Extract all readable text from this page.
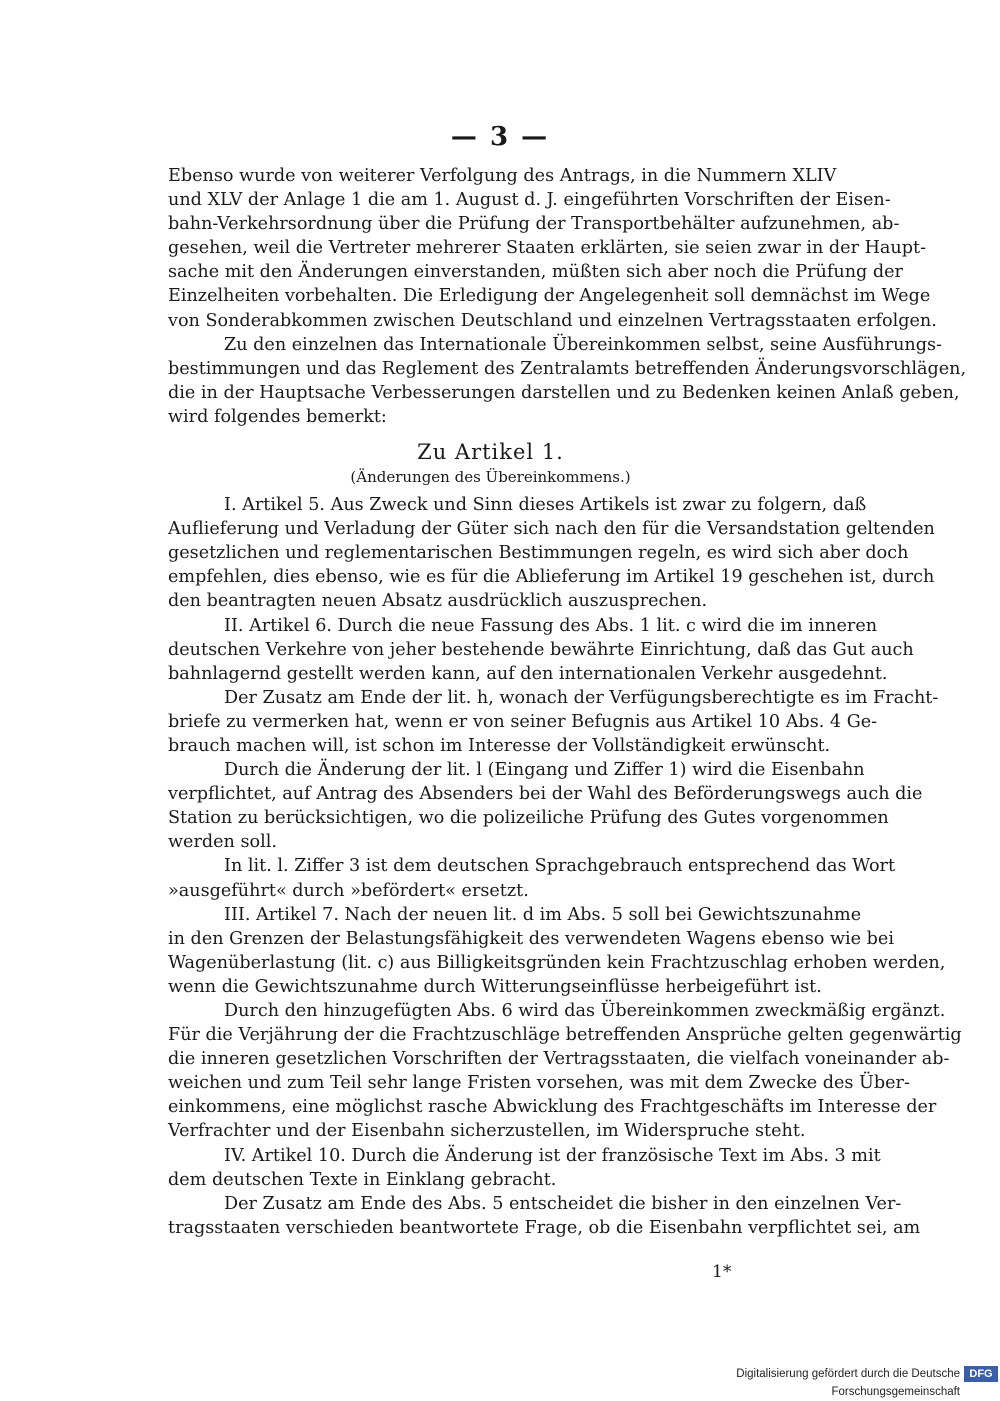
— 3 —
Ebenso wurde von weiterer Verfolgung des Antrags, in die Nummern XLIV
und XLV der Anlage 1 die am 1. August d. J. eingeführten Vorschriften der Eisen-
bahn-Verkehrsordnung über die Prüfung der Transportbehälter aufzunehmen, ab-
gesehen, weil die Vertreter mehrerer Staaten erklärten, sie seien zwar in der Haupt-
sache mit den Änderungen einverstanden, müßten sich aber noch die Prüfung der
Einzelheiten vorbehalten. Die Erledigung der Angelegenheit soll demnächst im Wege
von Sonderabkommen zwischen Deutschland und einzelnen Vertragsstaaten erfolgen.
Zu den einzelnen das Internationale Übereinkommen selbst, seine Ausführungs-
bestimmungen und das Reglement des Zentralamts betreffenden Änderungsvorschlägen,
die in der Hauptsache Verbesserungen darstellen und zu Bedenken keinen Anlaß geben,
wird folgendes bemerkt:
Zu Artikel 1.
(Änderungen des Übereinkommens.)
I. Artikel 5. Aus Zweck und Sinn dieses Artikels ist zwar zu folgern, daß
Auflieferung und Verladung der Güter sich nach den für die Versandstation geltenden
gesetzlichen und reglementarischen Bestimmungen regeln, es wird sich aber doch
empfehlen, dies ebenso, wie es für die Ablieferung im Artikel 19 geschehen ist, durch
den beantragten neuen Absatz ausdrücklich auszusprechen.
II. Artikel 6. Durch die neue Fassung des Abs. 1 lit. c wird die im inneren
deutschen Verkehre von jeher bestehende bewährte Einrichtung, daß das Gut auch
bahnlagernd gestellt werden kann, auf den internationalen Verkehr ausgedehnt.
Der Zusatz am Ende der lit. h, wonach der Verfügungsberechtigte es im Fracht-
briefe zu vermerken hat, wenn er von seiner Befugnis aus Artikel 10 Abs. 4 Ge-
brauch machen will, ist schon im Interesse der Vollständigkeit erwünscht.
Durch die Änderung der lit. l (Eingang und Ziffer 1) wird die Eisenbahn
verpflichtet, auf Antrag des Absenders bei der Wahl des Beförderungswegs auch die
Station zu berücksichtigen, wo die polizeiliche Prüfung des Gutes vorgenommen
werden soll.
In lit. l. Ziffer 3 ist dem deutschen Sprachgebrauch entsprechend das Wort
»ausgeführt« durch »befördert« ersetzt.
III. Artikel 7. Nach der neuen lit. d im Abs. 5 soll bei Gewichtszunahme
in den Grenzen der Belastungsfähigkeit des verwendeten Wagens ebenso wie bei
Wagenüberlastung (lit. c) aus Billigkeitsgründen kein Frachtzuschlag erhoben werden,
wenn die Gewichtszunahme durch Witterungseinflüsse herbeigeführt ist.
Durch den hinzugefügten Abs. 6 wird das Übereinkommen zweckmäßig ergänzt.
Für die Verjährung der die Frachtzuschläge betreffenden Ansprüche gelten gegenwärtig
die inneren gesetzlichen Vorschriften der Vertragsstaaten, die vielfach voneinander ab-
weichen und zum Teil sehr lange Fristen vorsehen, was mit dem Zwecke des Über-
einkommens, eine möglichst rasche Abwicklung des Frachtgeschäfts im Interesse der
Verfrachter und der Eisenbahn sicherzustellen, im Widerspruche steht.
IV. Artikel 10. Durch die Änderung ist der französische Text im Abs. 3 mit
dem deutschen Texte in Einklang gebracht.
Der Zusatz am Ende des Abs. 5 entscheidet die bisher in den einzelnen Ver-
tragsstaaten verschieden beantwortete Frage, ob die Eisenbahn verpflichtet sei, am
1*
Digitalisierung gefördert durch die Deutsche Forschungsgemeinschaft
DFG
